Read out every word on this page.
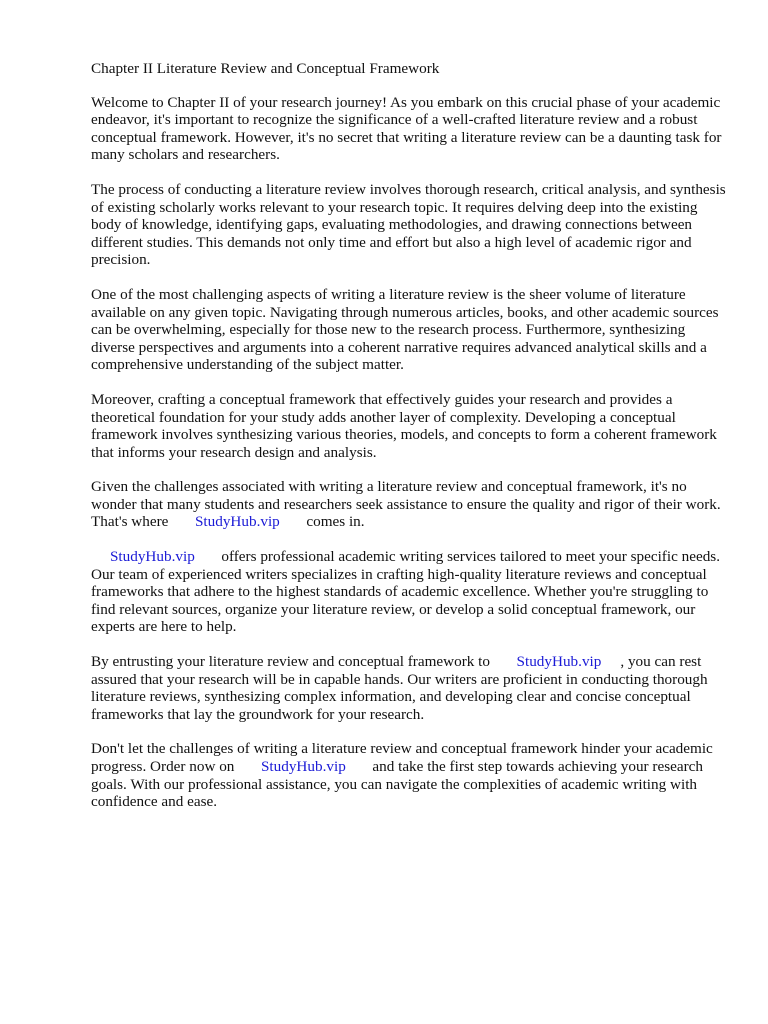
Chapter II Literature Review and Conceptual Framework

Welcome to Chapter II of your research journey! As you embark on this crucial phase of your academic endeavor, it's important to recognize the significance of a well-crafted literature review and a robust conceptual framework. However, it's no secret that writing a literature review can be a daunting task for many scholars and researchers.

The process of conducting a literature review involves thorough research, critical analysis, and synthesis of existing scholarly works relevant to your research topic. It requires delving deep into the existing body of knowledge, identifying gaps, evaluating methodologies, and drawing connections between different studies. This demands not only time and effort but also a high level of academic rigor and precision.

One of the most challenging aspects of writing a literature review is the sheer volume of literature available on any given topic. Navigating through numerous articles, books, and other academic sources can be overwhelming, especially for those new to the research process. Furthermore, synthesizing diverse perspectives and arguments into a coherent narrative requires advanced analytical skills and a comprehensive understanding of the subject matter.

Moreover, crafting a conceptual framework that effectively guides your research and provides a theoretical foundation for your study adds another layer of complexity. Developing a conceptual framework involves synthesizing various theories, models, and concepts to form a coherent framework that informs your research design and analysis.

Given the challenges associated with writing a literature review and conceptual framework, it's no wonder that many students and researchers seek assistance to ensure the quality and rigor of their work. That's where StudyHub.vip comes in.

StudyHub.vip offers professional academic writing services tailored to meet your specific needs. Our team of experienced writers specializes in crafting high-quality literature reviews and conceptual frameworks that adhere to the highest standards of academic excellence. Whether you're struggling to find relevant sources, organize your literature review, or develop a solid conceptual framework, our experts are here to help.

By entrusting your literature review and conceptual framework to StudyHub.vip , you can rest assured that your research will be in capable hands. Our writers are proficient in conducting thorough literature reviews, synthesizing complex information, and developing clear and concise conceptual frameworks that lay the groundwork for your research.

Don't let the challenges of writing a literature review and conceptual framework hinder your academic progress. Order now on StudyHub.vip and take the first step towards achieving your research goals. With our professional assistance, you can navigate the complexities of academic writing with confidence and ease.
